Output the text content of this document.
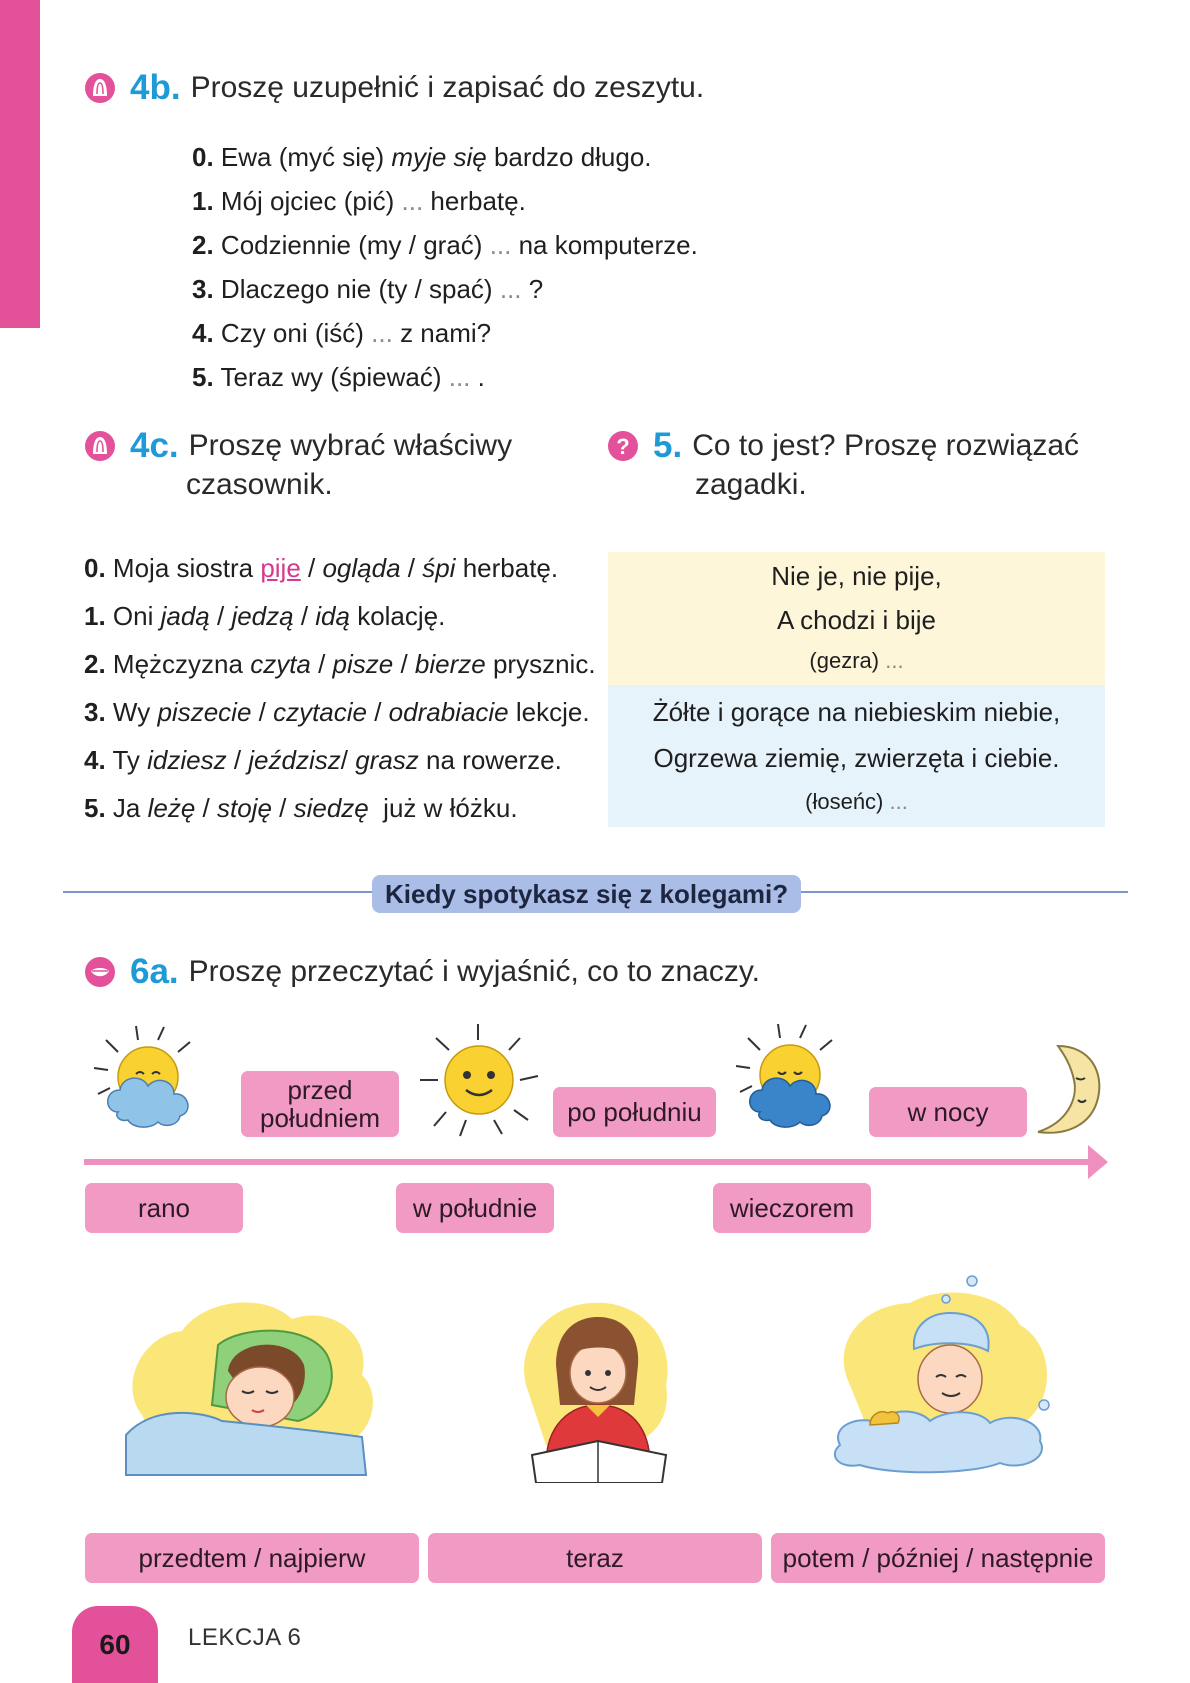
4b. Proszę uzupełnić i zapisać do zeszytu.
0. Ewa (myć się) myje się bardzo długo.
1. Mój ojciec (pić) ... herbatę.
2. Codziennie (my / grać) ... na komputerze.
3. Dlaczego nie (ty / spać) ... ?
4. Czy oni (iść) ... z nami?
5. Teraz wy (śpiewać) ... .
4c. Proszę wybrać właściwy
czasownik.
0. Moja siostra pije / ogląda / śpi herbatę.
1. Oni jadą / jedzą / idą kolację.
2. Mężczyzna czyta / pisze / bierze prysznic.
3. Wy piszecie / czytacie / odrabiacie lekcje.
4. Ty idziesz / jeździsz/ grasz na rowerze.
5. Ja leżę / stoję / siedzę  już w łóżku.
? 5. Co to jest? Proszę rozwiązać
zagadki.
Nie je, nie pije,
A chodzi i bije
(gezra) ...
Żółte i gorące na niebieskim niebie,
Ogrzewa ziemię, zwierzęta i ciebie.
(łoseńc) ...
Kiedy spotykasz się z kolegami?
6a. Proszę przeczytać i wyjaśnić, co to znaczy.
przed
południem	po południu	w nocy
rano	w południe	wieczorem
przedtem / najpierw	teraz	potem / później / następnie
60	LEKCJA 6
